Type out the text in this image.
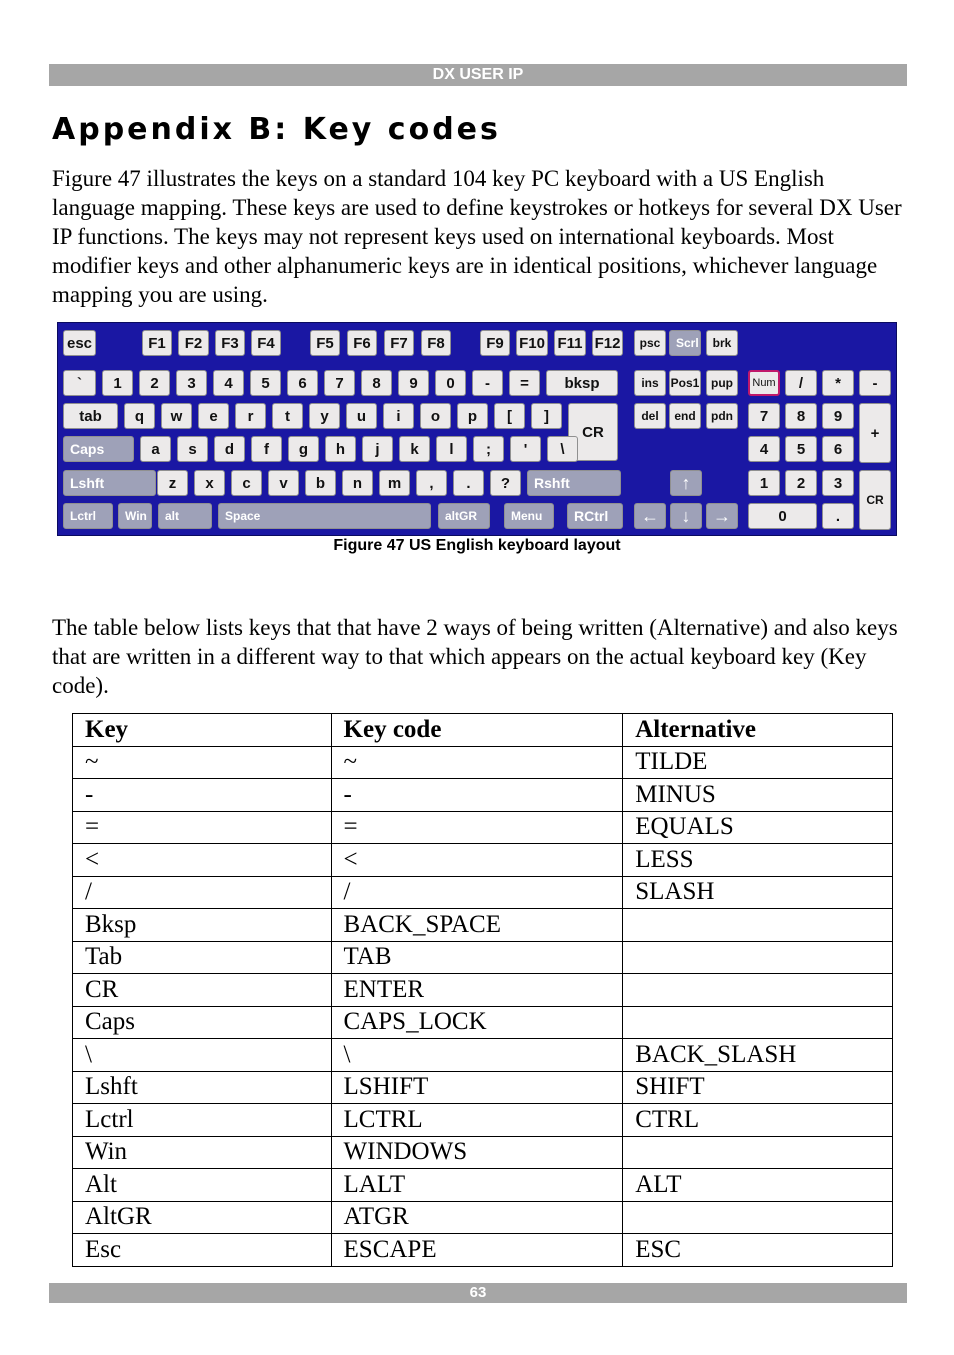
DX USER IP
Appendix B: Key codes

Figure 47 illustrates the keys on a standard 104 key PC keyboard with a US English language mapping. These keys are used to define keystrokes or hotkeys for several DX User IP functions. The keys may not represent keys used on international keyboards. Most modifier keys and other alphanumeric keys are in identical positions, whichever language mapping you are using.

esc	F1	F2	F3	F4	F5	F6	F7	F8	F9	F10 F11 F12	psc	Scrl	brk
`	1	2	3	4	5	6	7	8	9	0	-	=	bksp	ins Pos1 pup	Num	/	*	-
tab	q	w	e	r	t	y	u	i	o	p	[	]
CR
del	end	pdn	7	8	9
+
Caps	a	s	d	f	g	h	j	k	l	;	'	\	4	5	6
Lshft	z	x	c	v	b	n	m	,	.	?	Rshft	↑	1	2	3
CR
Lctrl	Win	alt	Space	altGR	Menu	RCtrl	←	↓	→	0	.
Figure 47 US English keyboard layout

The table below lists keys that that have 2 ways of being written (Alternative) and also keys that are written in a different way to that which appears on the actual keyboard key (Key code).

Key	Key code	Alternative
~	~	TILDE
-	-	MINUS
=	=	EQUALS
<	<	LESS
/	/	SLASH
Bksp	BACK_SPACE	
Tab	TAB	
CR	ENTER	
Caps	CAPS_LOCK	
\	\	BACK_SLASH
Lshft	LSHIFT	SHIFT
Lctrl	LCTRL	CTRL
Win	WINDOWS	
Alt	LALT	ALT
AltGR	ATGR	
Esc	ESCAPE	ESC
63
